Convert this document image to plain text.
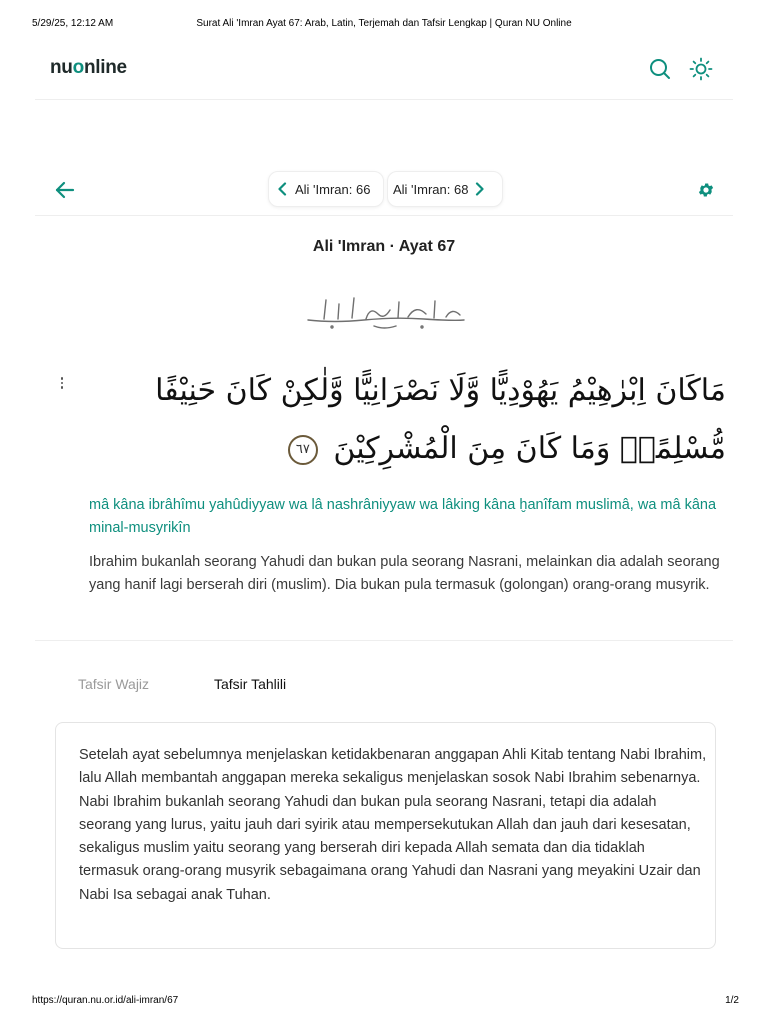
5/29/25, 12:12 AM	Surat Ali 'Imran Ayat 67: Arab, Latin, Terjemah dan Tafsir Lengkap | Quran NU Online
nuonline
Ali 'Imran: 66 Ali 'Imran: 68
Ali 'Imran · Ayat 67
مَاكَانَ اِبْرٰهِيْمُ يَهُوْدِيًّا وَّلَا نَصْرَانِيًّا وَّلٰكِنْ كَانَ حَنِيْفًا مُّسْلِمًاۗ وَمَا كَانَ مِنَ الْمُشْرِكِيْنَ ٦٧

mâ kâna ibrâhîmu yahûdiyyaw wa lâ nashrâniyyaw wa lâking kâna ḫanîfam muslimâ, wa mâ kâna minal-musyrikîn

Ibrahim bukanlah seorang Yahudi dan bukan pula seorang Nasrani, melainkan dia adalah seorang yang hanif lagi berserah diri (muslim). Dia bukan pula termasuk (golongan) orang-orang musyrik.

Tafsir Wajiz	Tafsir Tahlili

Setelah ayat sebelumnya menjelaskan ketidakbenaran anggapan Ahli Kitab tentang Nabi Ibrahim, lalu Allah membantah anggapan mereka sekaligus menjelaskan sosok Nabi Ibrahim sebenarnya. Nabi Ibrahim bukanlah seorang Yahudi dan bukan pula seorang Nasrani, tetapi dia adalah seorang yang lurus, yaitu jauh dari syirik atau mempersekutukan Allah dan jauh dari kesesatan, sekaligus muslim yaitu seorang yang berserah diri kepada Allah semata dan dia tidaklah termasuk orang-orang musyrik sebagaimana orang Yahudi dan Nasrani yang meyakini Uzair dan Nabi Isa sebagai anak Tuhan.

https://quran.nu.or.id/ali-imran/67	1/2
